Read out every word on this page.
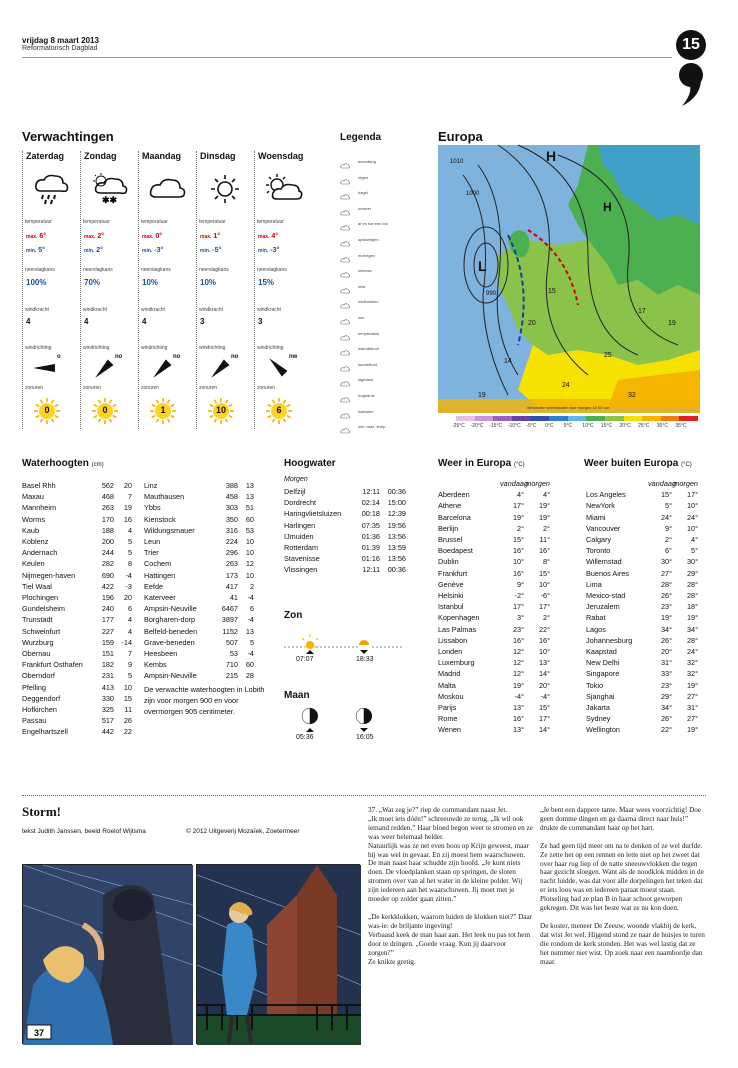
vrijdag 8 maart 2013
Reformatorisch Dagblad	15
Verwachtingen
Zaterdag
temperatuur
max. 6°
min. 5°
neerslagkans
100%
windkracht
4
windrichting
o
zonuren
0
Zondag
✱✱
temperatuur
max. 2°
min. 2°
neerslagkans
70%
windkracht
4
windrichting
no
zonuren
0
Maandag
temperatuur
max. 0°
min. -3°
neerslagkans
10%
windkracht
4
windrichting
no
zonuren
1
Dinsdag
temperatuur
max. 1°
min. -5°
neerslagkans
10%
windkracht
3
windrichting
no
zonuren
10
Woensdag
temperatuur
max. 4°
min. -3°
neerslagkans
15%
windkracht
3
windrichting
nw
zonuren
6
Legenda
bewolking
regen
hagel
onweer
af en toe een bui
opklaringen
motregen
sneeuw
mist
mistbanken
zon
temperatuur
warmtefront
koudefront
lagedruk
hogedruk
isobaren
min. max. temp.
Europa
H
L
H
1010
1000
990
19
24
32
25
19
15
20
14
17
Verwachte weersituatie voor morgen 12.00 uur
-25°C -20°C -15°C -10°C -5°C 0°C 5°C 10°C 15°C 20°C 25°C 30°C 35°C
Waterhoogten (cm)
Basel Rhh	562	20
Maxau	468	7
Mannheim	263	19
Worms	170	16
Kaub	188	4
Koblenz	200	5
Andernach	244	5
Keulen	282	8
Nijmegen-haven	690	-4
Tiel Waal	422	-3
Plochingen	196	20
Gundelsheim	240	6
Trunstadt	177	4
Schweinfurt	227	4
Wurzburg	159	-14
Obernau	151	7
Frankfurt Osthafen	182	9
Oberndorf	231	5
Pfelling	413	10
Deggendorf	330	15
Hofkirchen	325	11
Passau	517	26
Engelhartszell	442	22
Linz	388	13
Mauthausen	458	13
Ybbs	303	51
Kienstock	350	60
Wildungsmauer	316	53
Leun	224	10
Trier	296	10
Cochem	263	12
Hattingen	173	10
Eefde	417	2
Katerveer	41	-4
Ampsin-Neuville	6467	6
Borgharen-dorp	3897	-4
Belfeld-beneden	1152	13
Grave-beneden	507	5
Heesbeen	53	-4
Kembs	710	60
Ampsin-Neuville	215	28
De verwachte waterhoogten in Lobith zijn voor morgen 900 en voor overmorgen 905 centimeter.
Hoogwater
Morgen
Delfzijl	12:11	00:36
Dordrecht	02:14	15:00
Haringvlietsluizen	00:18	12:39
Harlingen	07:35	19:56
IJmuiden	01:36	13:56
Rotterdam	01:39	13:59
Stavenisse	01:16	13:56
Vlissingen	12:11	00:36
Zon
07:07	18:33
Maan
05:36	16:05
Weer in Europa (°C)
vandaag
morgen
Aberdeen	4°	4°
Athene	17°	19°
Barcelona	19°	19°
Berlijn	2°	2°
Brussel	15°	11°
Boedapest	16°	16°
Dublin	10°	8°
Frankfurt	16°	15°
Genève	9°	10°
Helsinki	-2°	-6°
Istanbul	17°	17°
Kopenhagen	3°	2°
Las Palmas	23°	22°
Lissabon	16°	16°
Londen	12°	10°
Luxemburg	12°	13°
Madrid	12°	14°
Malta	19°	20°
Moskou	-4°	-4°
Parijs	13°	15°
Rome	16°	17°
Wenen	13°	14°
Weer buiten Europa (°C)
vandaag
morgen
Los Angeles	15°	17°
NewYork	5°	10°
Miami	24°	24°
Vancouver	9°	10°
Calgary	2°	4°
Toronto	6°	5°
Willemstad	30°	30°
Buenos Aires	27°	29°
Lima	28°	28°
Mexico-stad	26°	28°
Jeruzalem	23°	18°
Rabat	19°	19°
Lagos	34°	34°
Johannesburg	26°	28°
Kaapstad	20°	24°
New Delhi	31°	32°
Singapore	33°	32°
Tokio	23°	19°
Sjanghai	29°	27°
Jakarta	34°	31°
Sydney	26°	27°
Wellington	22°	19°
Storm!
tekst Judith Janssen, beeld Roelof Wijtsma	© 2012 Uitgeverij Mozaïek, Zoetermeer
37

37. „Wat zeg je?” riep de commandant naast Jet.
„Ik moet iets dóén!” schreeuwde ze terug. „Ik wil ook iemand redden.” Haar bloed begon weer te stromen en ze was weer helemaal helder.
Natuurlijk was ze net even boos op Krijn geweest, maar hij was wel in gevaar. En zij moest hem waarschuwen.
De man naast haar schudde zijn hoofd. „Je kunt niets doen. De vloedplanken staan op springen, de sloten stromen over van al het water in de kleine polder. Wij zijn iedereen aan het waarschuwen. Jij moet met je moeder op zolder gaan zitten.”

„De kerkklokken, waarom luiden de klokken niet?” Daar was-ie: de briljante ingeving!
Verbaasd keek de man haar aan. Het leek nu pas tot hem door te dringen. „Goede vraag. Kun jij daarvoor zorgen?”
Ze knikte gretig.

„Je bent een dappere tante. Maar wees voorzichtig! Doe geen domme dingen en ga daarna direct naar huis!” drukte de commandant haar op het hart.

Ze had geen tijd meer om na te denken of ze wel durfde. Ze zette het op een rennen en lette niet op het zweet dat over haar rug liep of de natte sneeuwvlokken die tegen haar gezicht sloegen. Want als de noodklok midden in de nacht luidde, was dat voor alle dorpelingen het teken dat er iets loos was en iedereen paraat moest staan. Plotseling had ze plan B in haar schoot geworpen gekregen. Dit was het beste wat ze nu kon doen.

De koster, meneer De Zeeuw, woonde vlakbij de kerk, dat wist Jet wel. Hijgend stond ze naar de huisjes te turen die rondom de kerk stonden. Het was wel lastig dat ze het nummer niet wist. Op zoek naar een naambordje dan maar.
